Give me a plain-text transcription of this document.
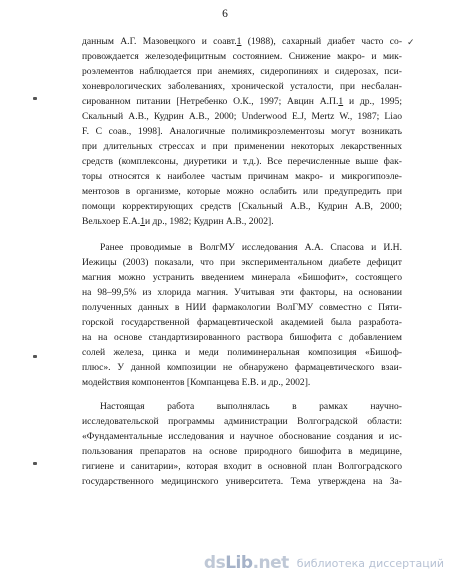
6
данным А.Г. Мазовецкого и соавт.1 (1988), сахарный диабет часто со-
провождается железодефицитным состоянием. Снижение макро- и мик-
роэлементов наблюдается при анемиях, сидеропиниях и сидерозах, пси-
хоневрологических заболеваниях, хронической усталости, при несбалан-
сированном питании [Нетребенко О.К., 1997; Авцин А.П.1 и др., 1995;
Скальный А.В., Кудрин А.В., 2000; Underwood E.J, Mertz W., 1987; Liao
F. C соав., 1998]. Аналогичные полимикроэлементозы могут возникать
при длительных стрессах и при применении некоторых лекарственных
средств (комплексоны, диуретики и т.д.). Все перечисленные выше фак-
торы относятся к наиболее частым причинам макро- и микрогипоэле-
ментозов в организме, которые можно ослабить или предупредить при
помощи корректирующих средств [Скальный А.В., Кудрин А.В, 2000;
Вельхоер Е.А.1и др., 1982; Кудрин А.В., 2002].
Ранее проводимые в ВолгМУ исследования А.А. Спасова и И.Н.
Иежицы (2003) показали, что при экспериментальном диабете дефицит
магния можно устранить введением минерала «Бишофит», состоящего
на 98–99,5% из хлорида магния. Учитывая эти факторы, на основании
полученных данных в НИИ фармакологии ВолГМУ совместно с Пяти-
горской государственной фармацевтической академией была разработа-
на на основе стандартизированного раствора бишофита с добавлением
солей железа, цинка и меди полиминеральная композиция «Бишоф-
плюс». У данной композиции не обнаружено фармацевтического взаи-
модействия компонентов [Компанцева Е.В. и др., 2002].
Настоящая работа выполнялась в рамках научно-
исследовательской программы администрации Волгоградской области:
«Фундаментальные исследования и научное обоснование создания и ис-
пользования препаратов на основе природного бишофита в медицине,
гигиене и санитарии», которая входит в основной план Волгоградского
государственного медицинского университета. Тема утверждена на За-
✓
dsLib.net библиотека диссертаций
